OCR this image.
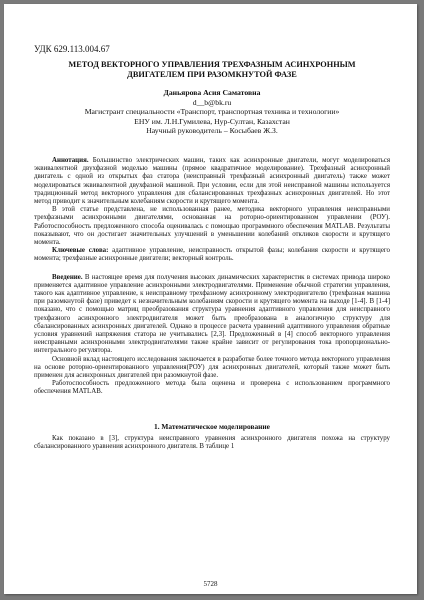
УДК 629.113.004.67
МЕТОД ВЕКТОРНОГО УПРАВЛЕНИЯ ТРЕХФАЗНЫМ АСИНХРОННЫМ
ДВИГАТЕЛЕМ ПРИ РАЗОМКНУТОЙ ФАЗЕ
Даньярова Асия Саматовна
d__b@bk.ru
Магистрант специальности «Транспорт, транспортная техника и технологии»
ЕНУ им. Л.Н.Гумилева, Нур-Султан, Казахстан
Научный руководитель – Косыбаев Ж.З.

Аннотация. Большинство электрических машин, таких как асинхронные двигатели, могут моделироваться эквивалентной двухфазной моделью машины (прямое квадратичное моделирование). Трехфазный асинхронный двигатель с одной из открытых фаз статора (неисправный трехфазный асинхронный двигатель) также может моделироваться эквивалентной двухфазной машиной. При условии, если для этой неисправной машины используется традиционный метод векторного управления для сбалансированных трехфазных асинхронных двигателей. Но этот метод приводит к значительным колебаниям скорости и крутящего момента.

В этой статье представлена, не использованная ранее, методика векторного управления неисправными трехфазными асинхронными двигателями, основанная на роторно-ориентированном управлении (РОУ). Работоспособность предложенного способа оценивалась с помощью программного обеспечения MATLAB. Результаты показывают, что он достигает значительных улучшений в уменьшении колебаний откликов скорости и крутящего момента.

Ключевые слова: адаптивное управление, неисправность открытой фазы; колебания скорости и крутящего момента; трехфазные асинхронные двигатели; векторный контроль.

Введение. В настоящее время для получения высоких динамических характеристик в системах привода широко применяется адаптивное управление асинхронными электродвигателями. Применение обычной стратегии управления, такого как адаптивное управление, к неисправному трехфазному асинхронному электродвигателю (трехфазная машина при разомкнутой фазе) приведет к незначительным колебаниям скорости и крутящего момента на выходе [1-4]. В [1-4] показано, что с помощью матриц преобразования структура уравнения адаптивного управления для неисправного трехфазного асинхронного электродвигателя может быть преобразована в аналогичную структуру для сбалансированных асинхронных двигателей. Однако в процессе расчета уравнений адаптивного управления обратные условия уравнений напряжения статора не учитывались [2,3]. Предложенный в [4] способ векторного управления неисправными асинхронными электродвигателями также крайне зависит от регулирования тока пропорционально-интегрального регулятора.

Основной вклад настоящего исследования заключается в разработке более точного метода векторного управления на основе роторно-ориентированного управления(РОУ) для асинхронных двигателей, который также может быть применен для асинхронных двигателей при разомкнутой фазе.

Работоспособность предложенного метода была оценена и проверена с использованием программного обеспечения MATLAB.

1. Математическое моделирование

Как показано в [3], структура неисправного уравнения асинхронного двигателя похожа на структуру сбалансированного уравнения асинхронного двигателя. В таблице 1

5728
